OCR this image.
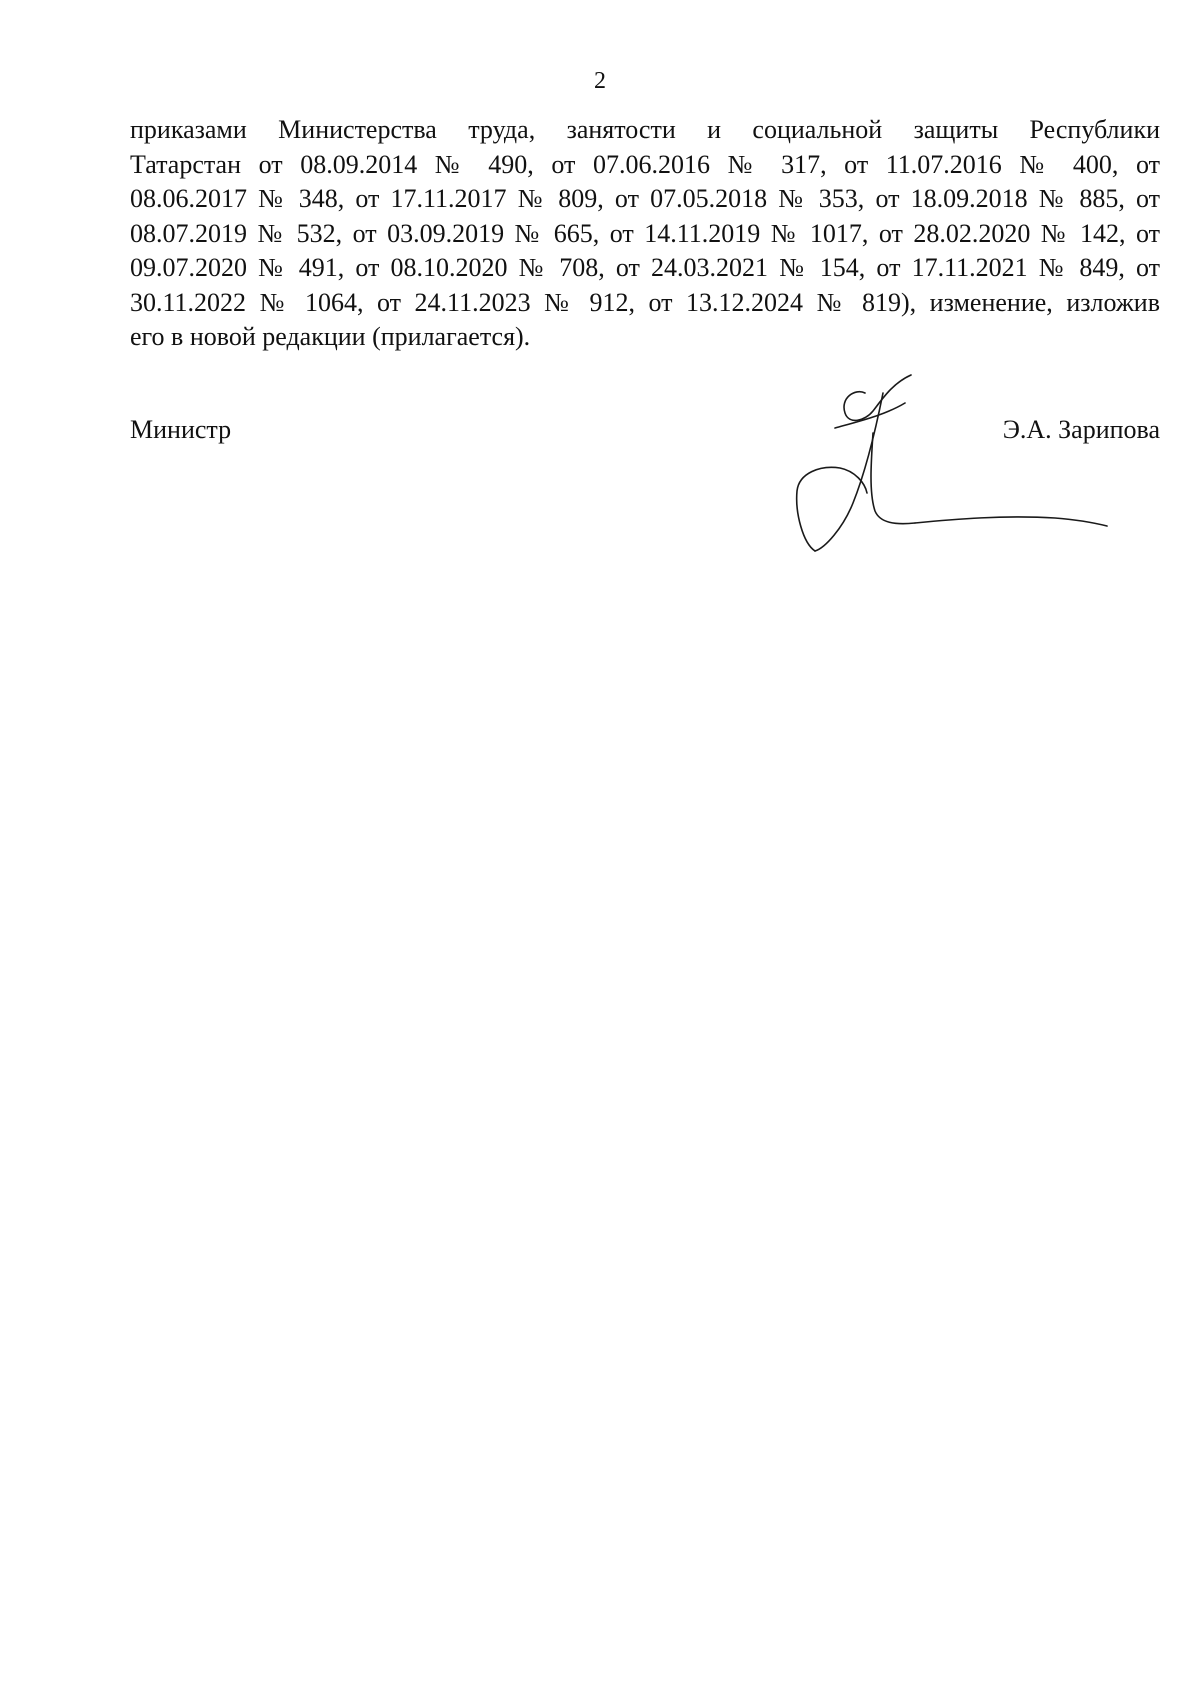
2

приказами Министерства труда, занятости и социальной защиты Республики
Татарстан от 08.09.2014 № 490, от 07.06.2016 № 317, от 11.07.2016 № 400, от
08.06.2017 № 348, от 17.11.2017 № 809, от 07.05.2018 № 353, от 18.09.2018 № 885, от
08.07.2019 № 532, от 03.09.2019 № 665, от 14.11.2019 № 1017, от 28.02.2020 № 142, от
09.07.2020 № 491, от 08.10.2020 № 708, от 24.03.2021 № 154, от 17.11.2021 № 849, от
30.11.2022 № 1064, от 24.11.2023 № 912, от 13.12.2024 № 819), изменение, изложив
его в новой редакции (прилагается).

Министр	Э.А. Зарипова
